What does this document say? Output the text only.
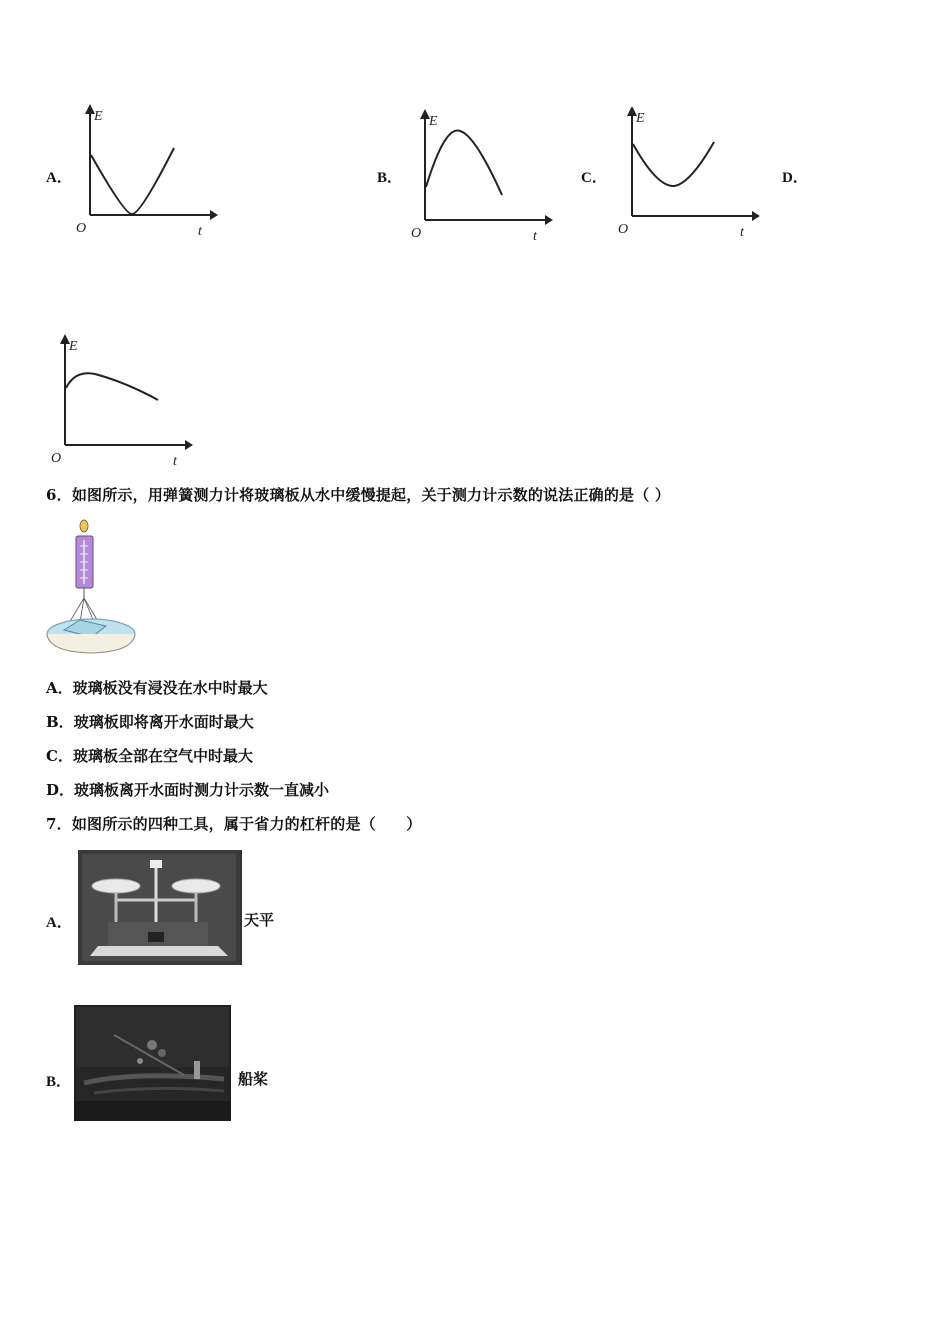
A．
E
O	t
B．
E
O	t
C．
E
O	t
D．
E
O	t
6．如图所示，用弹簧测力计将玻璃板从水中缓慢提起，关于测力计示数的说法正确的是（ ）
A．玻璃板没有浸没在水中时最大
B．玻璃板即将离开水面时最大
C．玻璃板全部在空气中时最大
D．玻璃板离开水面时测力计示数一直减小
7．如图所示的四种工具，属于省力的杠杆的是（　　）
A．	天平
B．	船桨
